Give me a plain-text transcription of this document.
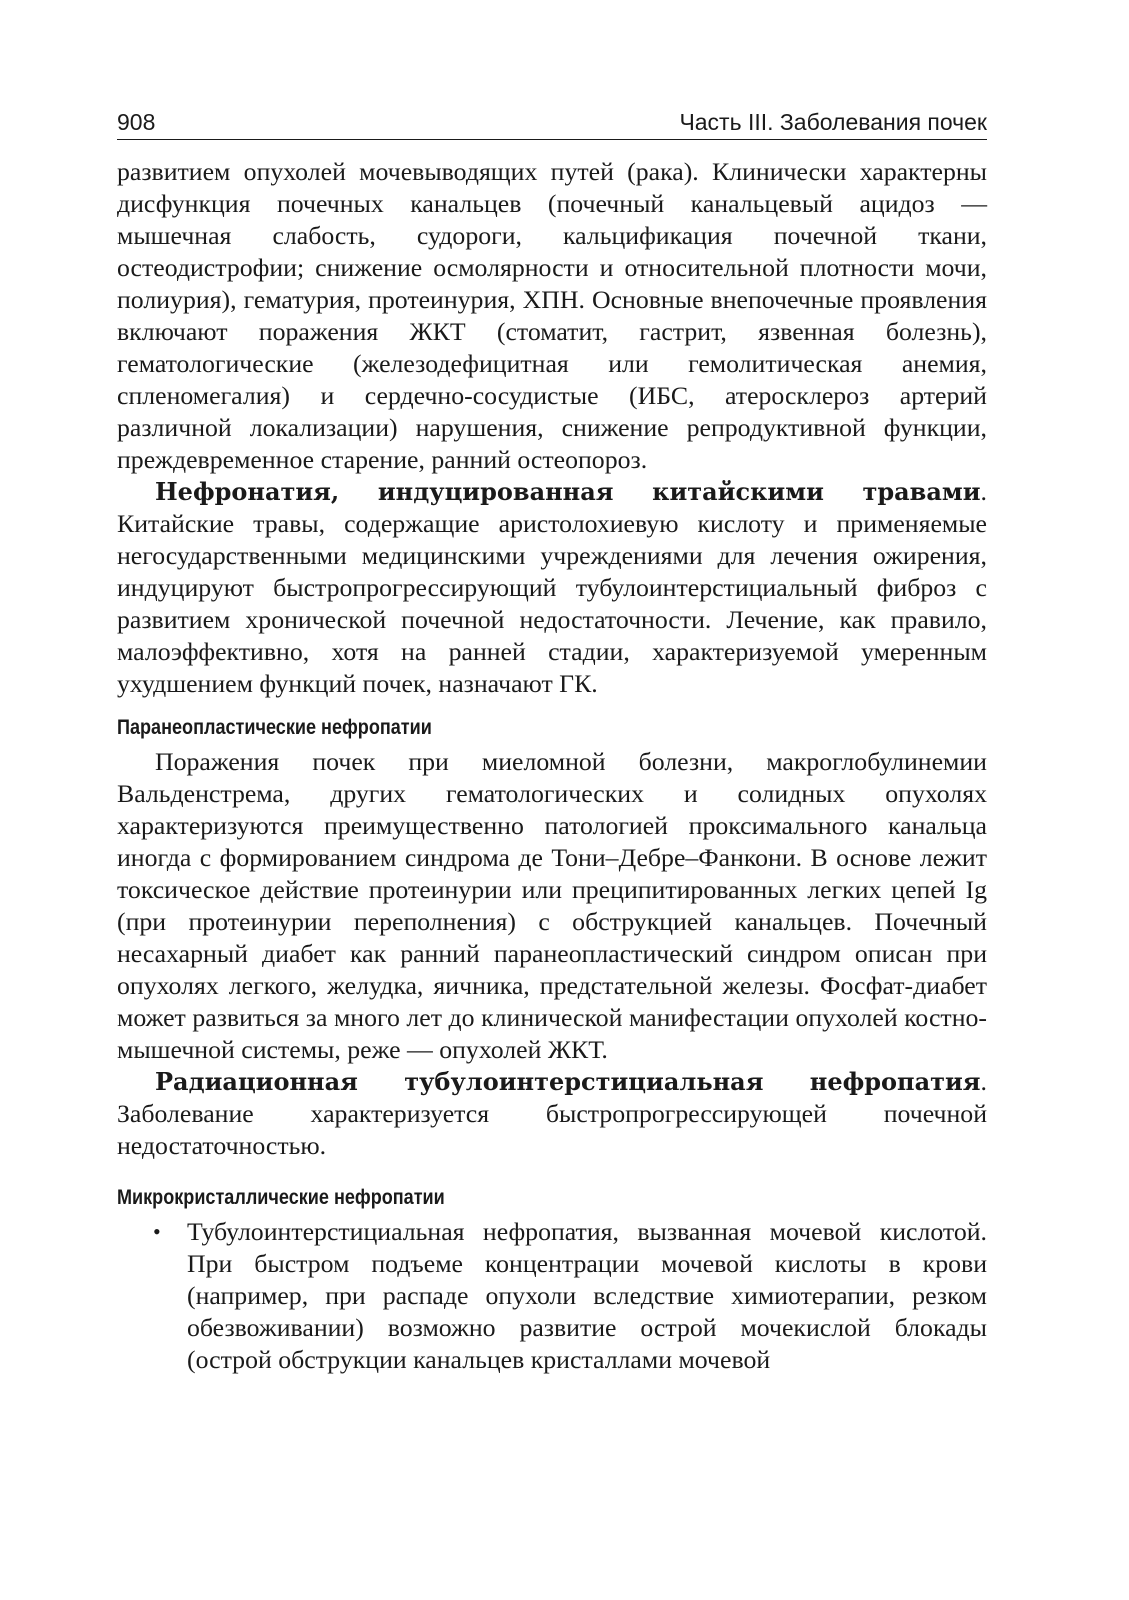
908	Часть III. Заболевания почек

развитием опухолей мочевыводящих путей (рака). Клинически характерны дисфункция почечных канальцев (почечный канальцевый ацидоз — мышечная слабость, судороги, кальцификация почечной ткани, остеодистрофии; снижение осмолярности и относительной плотности мочи, полиурия), гематурия, протеинурия, ХПН. Основные внепочечные проявления включают поражения ЖКТ (стоматит, гастрит, язвенная болезнь), гематологические (железодефицитная или гемолитическая анемия, спленомегалия) и сердечно-сосудистые (ИБС, атеросклероз артерий различной локализации) нарушения, снижение репродуктивной функции, преждевременное старение, ранний остеопороз.

Нефронатия, индуцированная китайскими травами. Китайские травы, содержащие аристолохиевую кислоту и применяемые негосударственными медицинскими учреждениями для лечения ожирения, индуцируют быстропрогрессирующий тубулоинтерстициальный фиброз с развитием хронической почечной недостаточности. Лечение, как правило, малоэффективно, хотя на ранней стадии, характеризуемой умеренным ухудшением функций почек, назначают ГК.

Паранеопластические нефропатии

Поражения почек при миеломной болезни, макроглобулинемии Вальденстрема, других гематологических и солидных опухолях характеризуются преимущественно патологией проксимального канальца иногда с формированием синдрома де Тони–Дебре–Фанкони. В основе лежит токсическое действие протеинурии или преципитированных легких цепей Ig (при протеинурии переполнения) с обструкцией канальцев. Почечный несахарный диабет как ранний паранеопластический синдром описан при опухолях легкого, желудка, яичника, предстательной железы. Фосфат-диабет может развиться за много лет до клинической манифестации опухолей костно-мышечной системы, реже — опухолей ЖКТ.

Радиационная тубулоинтерстициальная нефропатия. Заболевание характеризуется быстропрогрессирующей почечной недостаточностью.

Микрокристаллические нефропатии
• Тубулоинтерстициальная нефропатия, вызванная мочевой кислотой. При быстром подъеме концентрации мочевой кислоты в крови (например, при распаде опухоли вследствие химиотерапии, резком обезвоживании) возможно развитие острой мочекислой блокады (острой обструкции канальцев кристаллами мочевой
